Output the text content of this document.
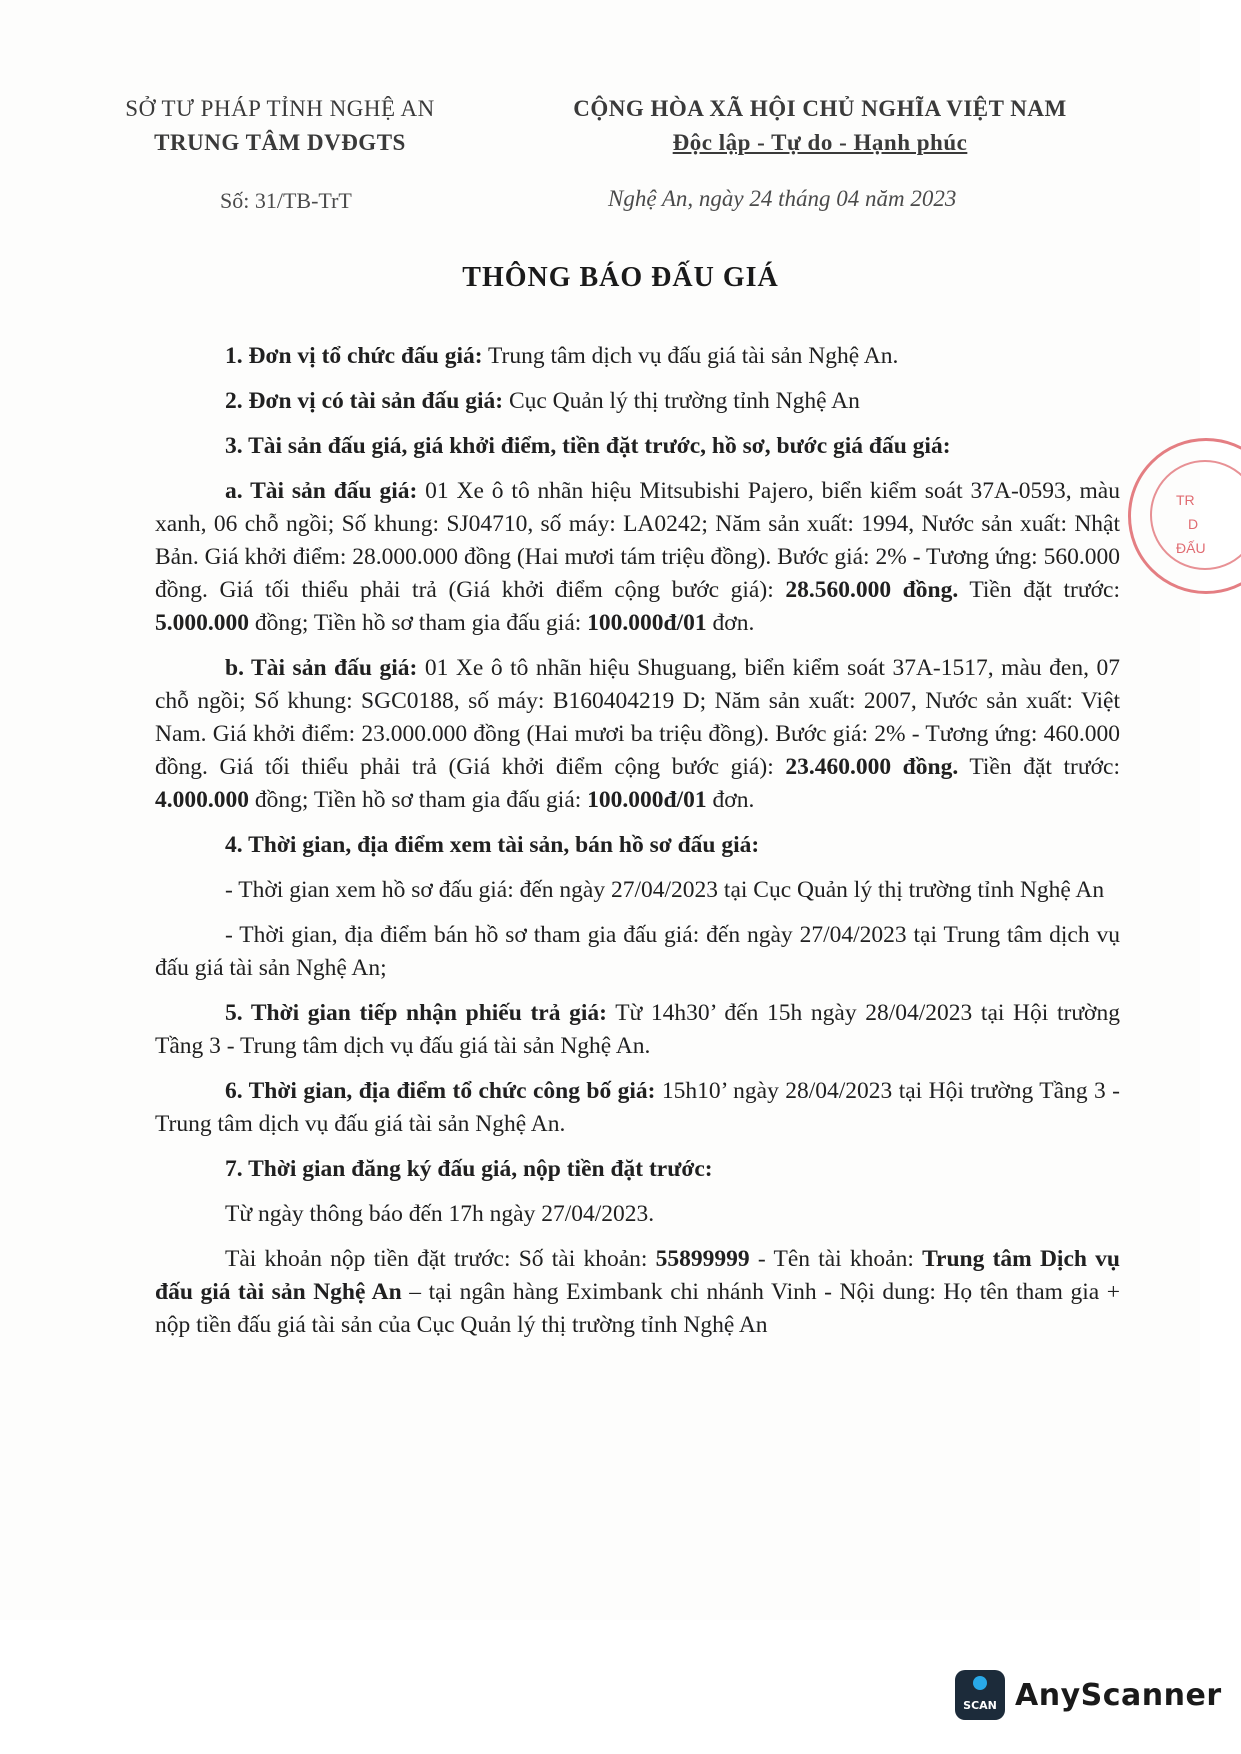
SỞ TƯ PHÁP TỈNH NGHỆ AN
TRUNG TÂM DVĐGTS
CỘNG HÒA XÃ HỘI CHỦ NGHĨA VIỆT NAM
Độc lập - Tự do - Hạnh phúc
Số: 31/TB-TrT	Nghệ An, ngày 24 tháng 04 năm 2023
THÔNG BÁO ĐẤU GIÁ
TR
D
ĐẤU

1. Đơn vị tổ chức đấu giá: Trung tâm dịch vụ đấu giá tài sản Nghệ An.

2. Đơn vị có tài sản đấu giá: Cục Quản lý thị trường tỉnh Nghệ An

3. Tài sản đấu giá, giá khởi điểm, tiền đặt trước, hồ sơ, bước giá đấu giá:

a. Tài sản đấu giá: 01 Xe ô tô nhãn hiệu Mitsubishi Pajero, biển kiểm soát 37A-0593, màu xanh, 06 chỗ ngồi; Số khung: SJ04710, số máy: LA0242; Năm sản xuất: 1994, Nước sản xuất: Nhật Bản. Giá khởi điểm: 28.000.000 đồng (Hai mươi tám triệu đồng). Bước giá: 2% - Tương ứng: 560.000 đồng. Giá tối thiểu phải trả (Giá khởi điểm cộng bước giá): 28.560.000 đồng. Tiền đặt trước: 5.000.000 đồng; Tiền hồ sơ tham gia đấu giá: 100.000đ/01 đơn.

b. Tài sản đấu giá: 01 Xe ô tô nhãn hiệu Shuguang, biển kiểm soát 37A-1517, màu đen, 07 chỗ ngồi; Số khung: SGC0188, số máy: B160404219 D; Năm sản xuất: 2007, Nước sản xuất: Việt Nam. Giá khởi điểm: 23.000.000 đồng (Hai mươi ba triệu đồng). Bước giá: 2% - Tương ứng: 460.000 đồng. Giá tối thiểu phải trả (Giá khởi điểm cộng bước giá): 23.460.000 đồng. Tiền đặt trước: 4.000.000 đồng; Tiền hồ sơ tham gia đấu giá: 100.000đ/01 đơn.

4. Thời gian, địa điểm xem tài sản, bán hồ sơ đấu giá:

- Thời gian xem hồ sơ đấu giá: đến ngày 27/04/2023 tại Cục Quản lý thị trường tỉnh Nghệ An

- Thời gian, địa điểm bán hồ sơ tham gia đấu giá: đến ngày 27/04/2023 tại Trung tâm dịch vụ đấu giá tài sản Nghệ An;

5. Thời gian tiếp nhận phiếu trả giá: Từ 14h30’ đến 15h ngày 28/04/2023 tại Hội trường Tầng 3 - Trung tâm dịch vụ đấu giá tài sản Nghệ An.

6. Thời gian, địa điểm tổ chức công bố giá: 15h10’ ngày 28/04/2023 tại Hội trường Tầng 3 - Trung tâm dịch vụ đấu giá tài sản Nghệ An.

7. Thời gian đăng ký đấu giá, nộp tiền đặt trước:

Từ ngày thông báo đến 17h ngày 27/04/2023.

Tài khoản nộp tiền đặt trước: Số tài khoản: 55899999 - Tên tài khoản: Trung tâm Dịch vụ đấu giá tài sản Nghệ An – tại ngân hàng Eximbank chi nhánh Vinh - Nội dung: Họ tên tham gia + nộp tiền đấu giá tài sản của Cục Quản lý thị trường tỉnh Nghệ An

SCAN AnyScanner
